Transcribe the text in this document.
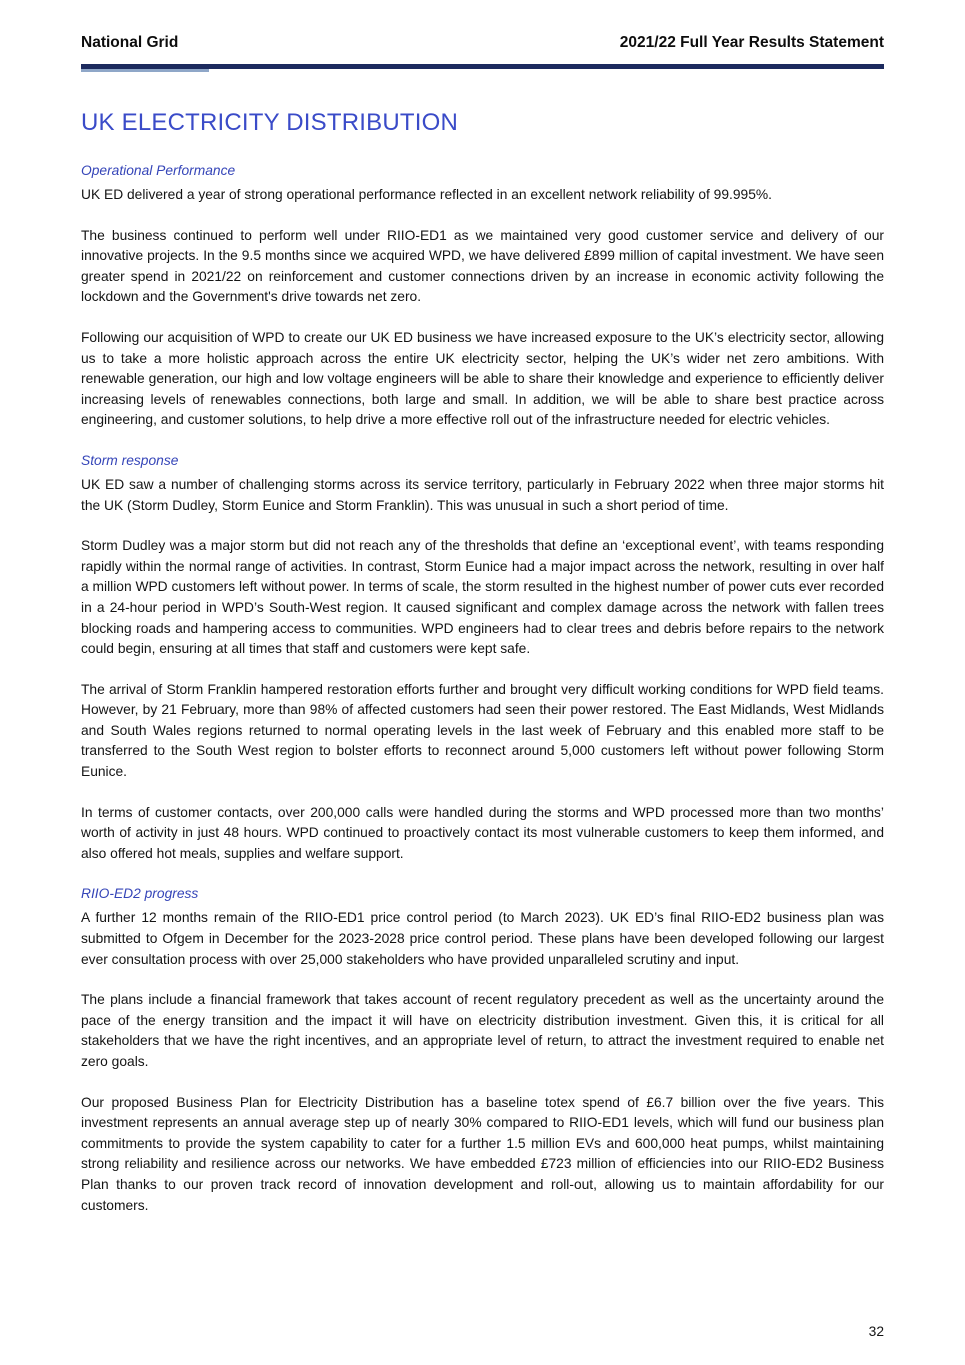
National Grid	2021/22 Full Year Results Statement
UK ELECTRICITY DISTRIBUTION
Operational Performance

UK ED delivered a year of strong operational performance reflected in an excellent network reliability of 99.995%.

The business continued to perform well under RIIO-ED1 as we maintained very good customer service and delivery of our innovative projects. In the 9.5 months since we acquired WPD, we have delivered £899 million of capital investment. We have seen greater spend in 2021/22 on reinforcement and customer connections driven by an increase in economic activity following the lockdown and the Government's drive towards net zero.

Following our acquisition of WPD to create our UK ED business we have increased exposure to the UK’s electricity sector, allowing us to take a more holistic approach across the entire UK electricity sector, helping the UK’s wider net zero ambitions. With renewable generation, our high and low voltage engineers will be able to share their knowledge and experience to efficiently deliver increasing levels of renewables connections, both large and small. In addition, we will be able to share best practice across engineering, and customer solutions, to help drive a more effective roll out of the infrastructure needed for electric vehicles.

Storm response

UK ED saw a number of challenging storms across its service territory, particularly in February 2022 when three major storms hit the UK (Storm Dudley, Storm Eunice and Storm Franklin). This was unusual in such a short period of time.

Storm Dudley was a major storm but did not reach any of the thresholds that define an ‘exceptional event’, with teams responding rapidly within the normal range of activities. In contrast, Storm Eunice had a major impact across the network, resulting in over half a million WPD customers left without power. In terms of scale, the storm resulted in the highest number of power cuts ever recorded in a 24-hour period in WPD’s South-West region. It caused significant and complex damage across the network with fallen trees blocking roads and hampering access to communities. WPD engineers had to clear trees and debris before repairs to the network could begin, ensuring at all times that staff and customers were kept safe.

The arrival of Storm Franklin hampered restoration efforts further and brought very difficult working conditions for WPD field teams. However, by 21 February, more than 98% of affected customers had seen their power restored. The East Midlands, West Midlands and South Wales regions returned to normal operating levels in the last week of February and this enabled more staff to be transferred to the South West region to bolster efforts to reconnect around 5,000 customers left without power following Storm Eunice.

In terms of customer contacts, over 200,000 calls were handled during the storms and WPD processed more than two months’ worth of activity in just 48 hours. WPD continued to proactively contact its most vulnerable customers to keep them informed, and also offered hot meals, supplies and welfare support.

RIIO-ED2 progress

A further 12 months remain of the RIIO-ED1 price control period (to March 2023). UK ED’s final RIIO-ED2 business plan was submitted to Ofgem in December for the 2023-2028 price control period. These plans have been developed following our largest ever consultation process with over 25,000 stakeholders who have provided unparalleled scrutiny and input.

The plans include a financial framework that takes account of recent regulatory precedent as well as the uncertainty around the pace of the energy transition and the impact it will have on electricity distribution investment. Given this, it is critical for all stakeholders that we have the right incentives, and an appropriate level of return, to attract the investment required to enable net zero goals.

Our proposed Business Plan for Electricity Distribution has a baseline totex spend of £6.7 billion over the five years. This investment represents an annual average step up of nearly 30% compared to RIIO-ED1 levels, which will fund our business plan commitments to provide the system capability to cater for a further 1.5 million EVs and 600,000 heat pumps, whilst maintaining strong reliability and resilience across our networks. We have embedded £723 million of efficiencies into our RIIO-ED2 Business Plan thanks to our proven track record of innovation development and roll-out, allowing us to maintain affordability for our customers.

32
